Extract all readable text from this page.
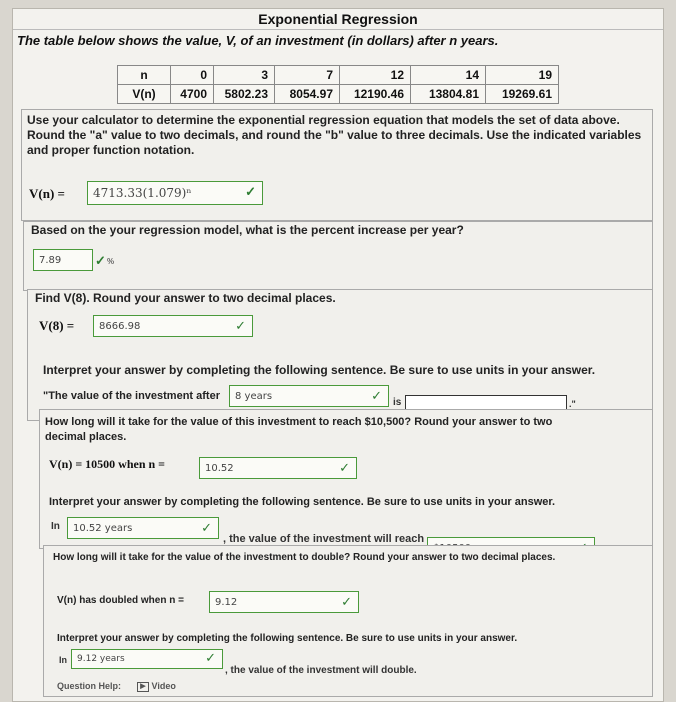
Exponential Regression
The table below shows the value, V, of an investment (in dollars) after n years.
n	0	3	7	12	14	19
V(n)	4700	5802.23	8054.97	12190.46	13804.81	19269.61
Use your calculator to determine the exponential regression equation that models the set of data above. Round the "a" value to two decimals, and round the "b" value to three decimals. Use the indicated variables and proper function notation.
V(n) =	4713.33(1.079)ⁿ	✓
Based on the your regression model, what is the percent increase per year?
7.89	✓ %
Find V(8). Round your answer to two decimal places.
V(8) =	8666.98	✓
Interpret your answer by completing the following sentence. Be sure to use units in your answer.
"The value of the investment after	8 years	✓ is	."
How long will it take for the value of this investment to reach $10,500? Round your answer to two decimal places.
V(n) = 10500 when n =	10.52	✓
Interpret your answer by completing the following sentence. Be sure to use units in your answer.
In	10.52 years	✓
, the value of the investment will reach
How long will it take for the value of the investment to double? Round your answer to two decimal places.
V(n) has doubled when n =	9.12	✓
Interpret your answer by completing the following sentence. Be sure to use units in your answer.
In	9.12 years	✓
, the value of the investment will double.
Question Help:	▶ Video
